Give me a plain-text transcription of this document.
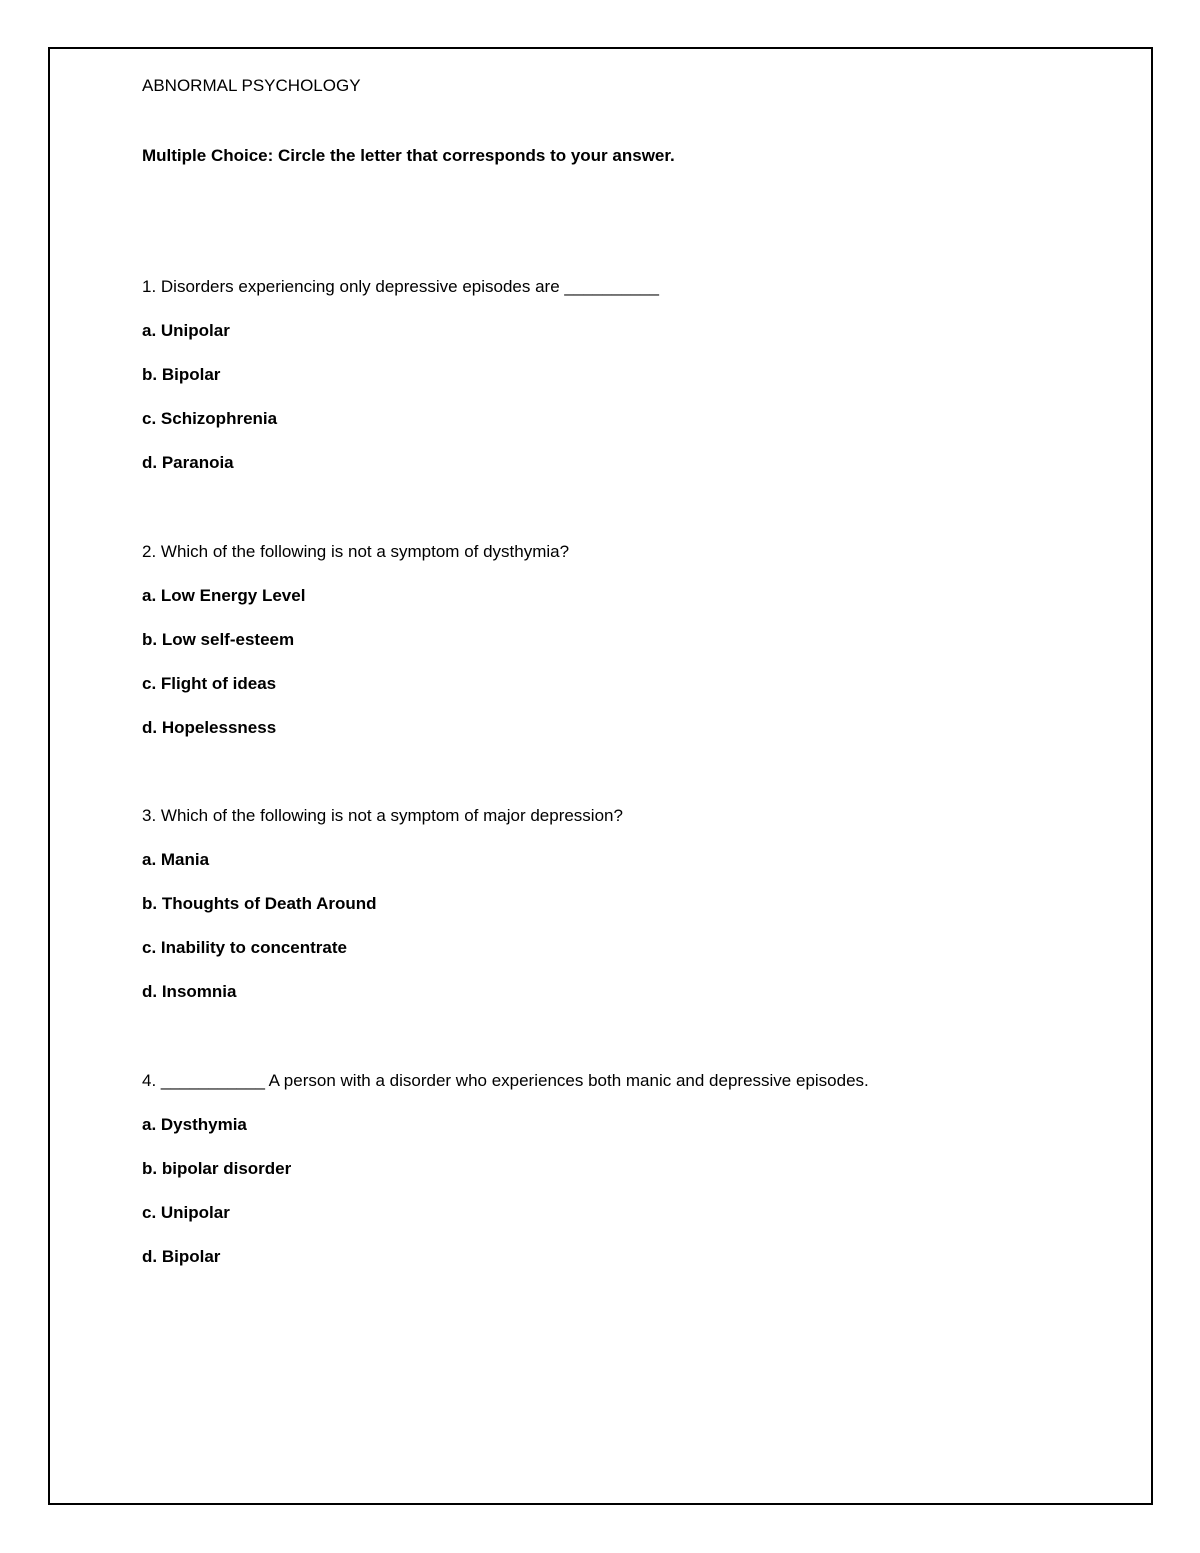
ABNORMAL PSYCHOLOGY
Multiple Choice: Circle the letter that corresponds to your answer.
1. Disorders experiencing only depressive episodes are __________
a. Unipolar
b. Bipolar
c. Schizophrenia
d. Paranoia
2. Which of the following is not a symptom of dysthymia?
a. Low Energy Level
b. Low self-esteem
c. Flight of ideas
d. Hopelessness
3. Which of the following is not a symptom of major depression?
a. Mania
b. Thoughts of Death Around
c. Inability to concentrate
d. Insomnia
4. ___________ A person with a disorder who experiences both manic and depressive episodes.
a. Dysthymia
b. bipolar disorder
c. Unipolar
d. Bipolar
